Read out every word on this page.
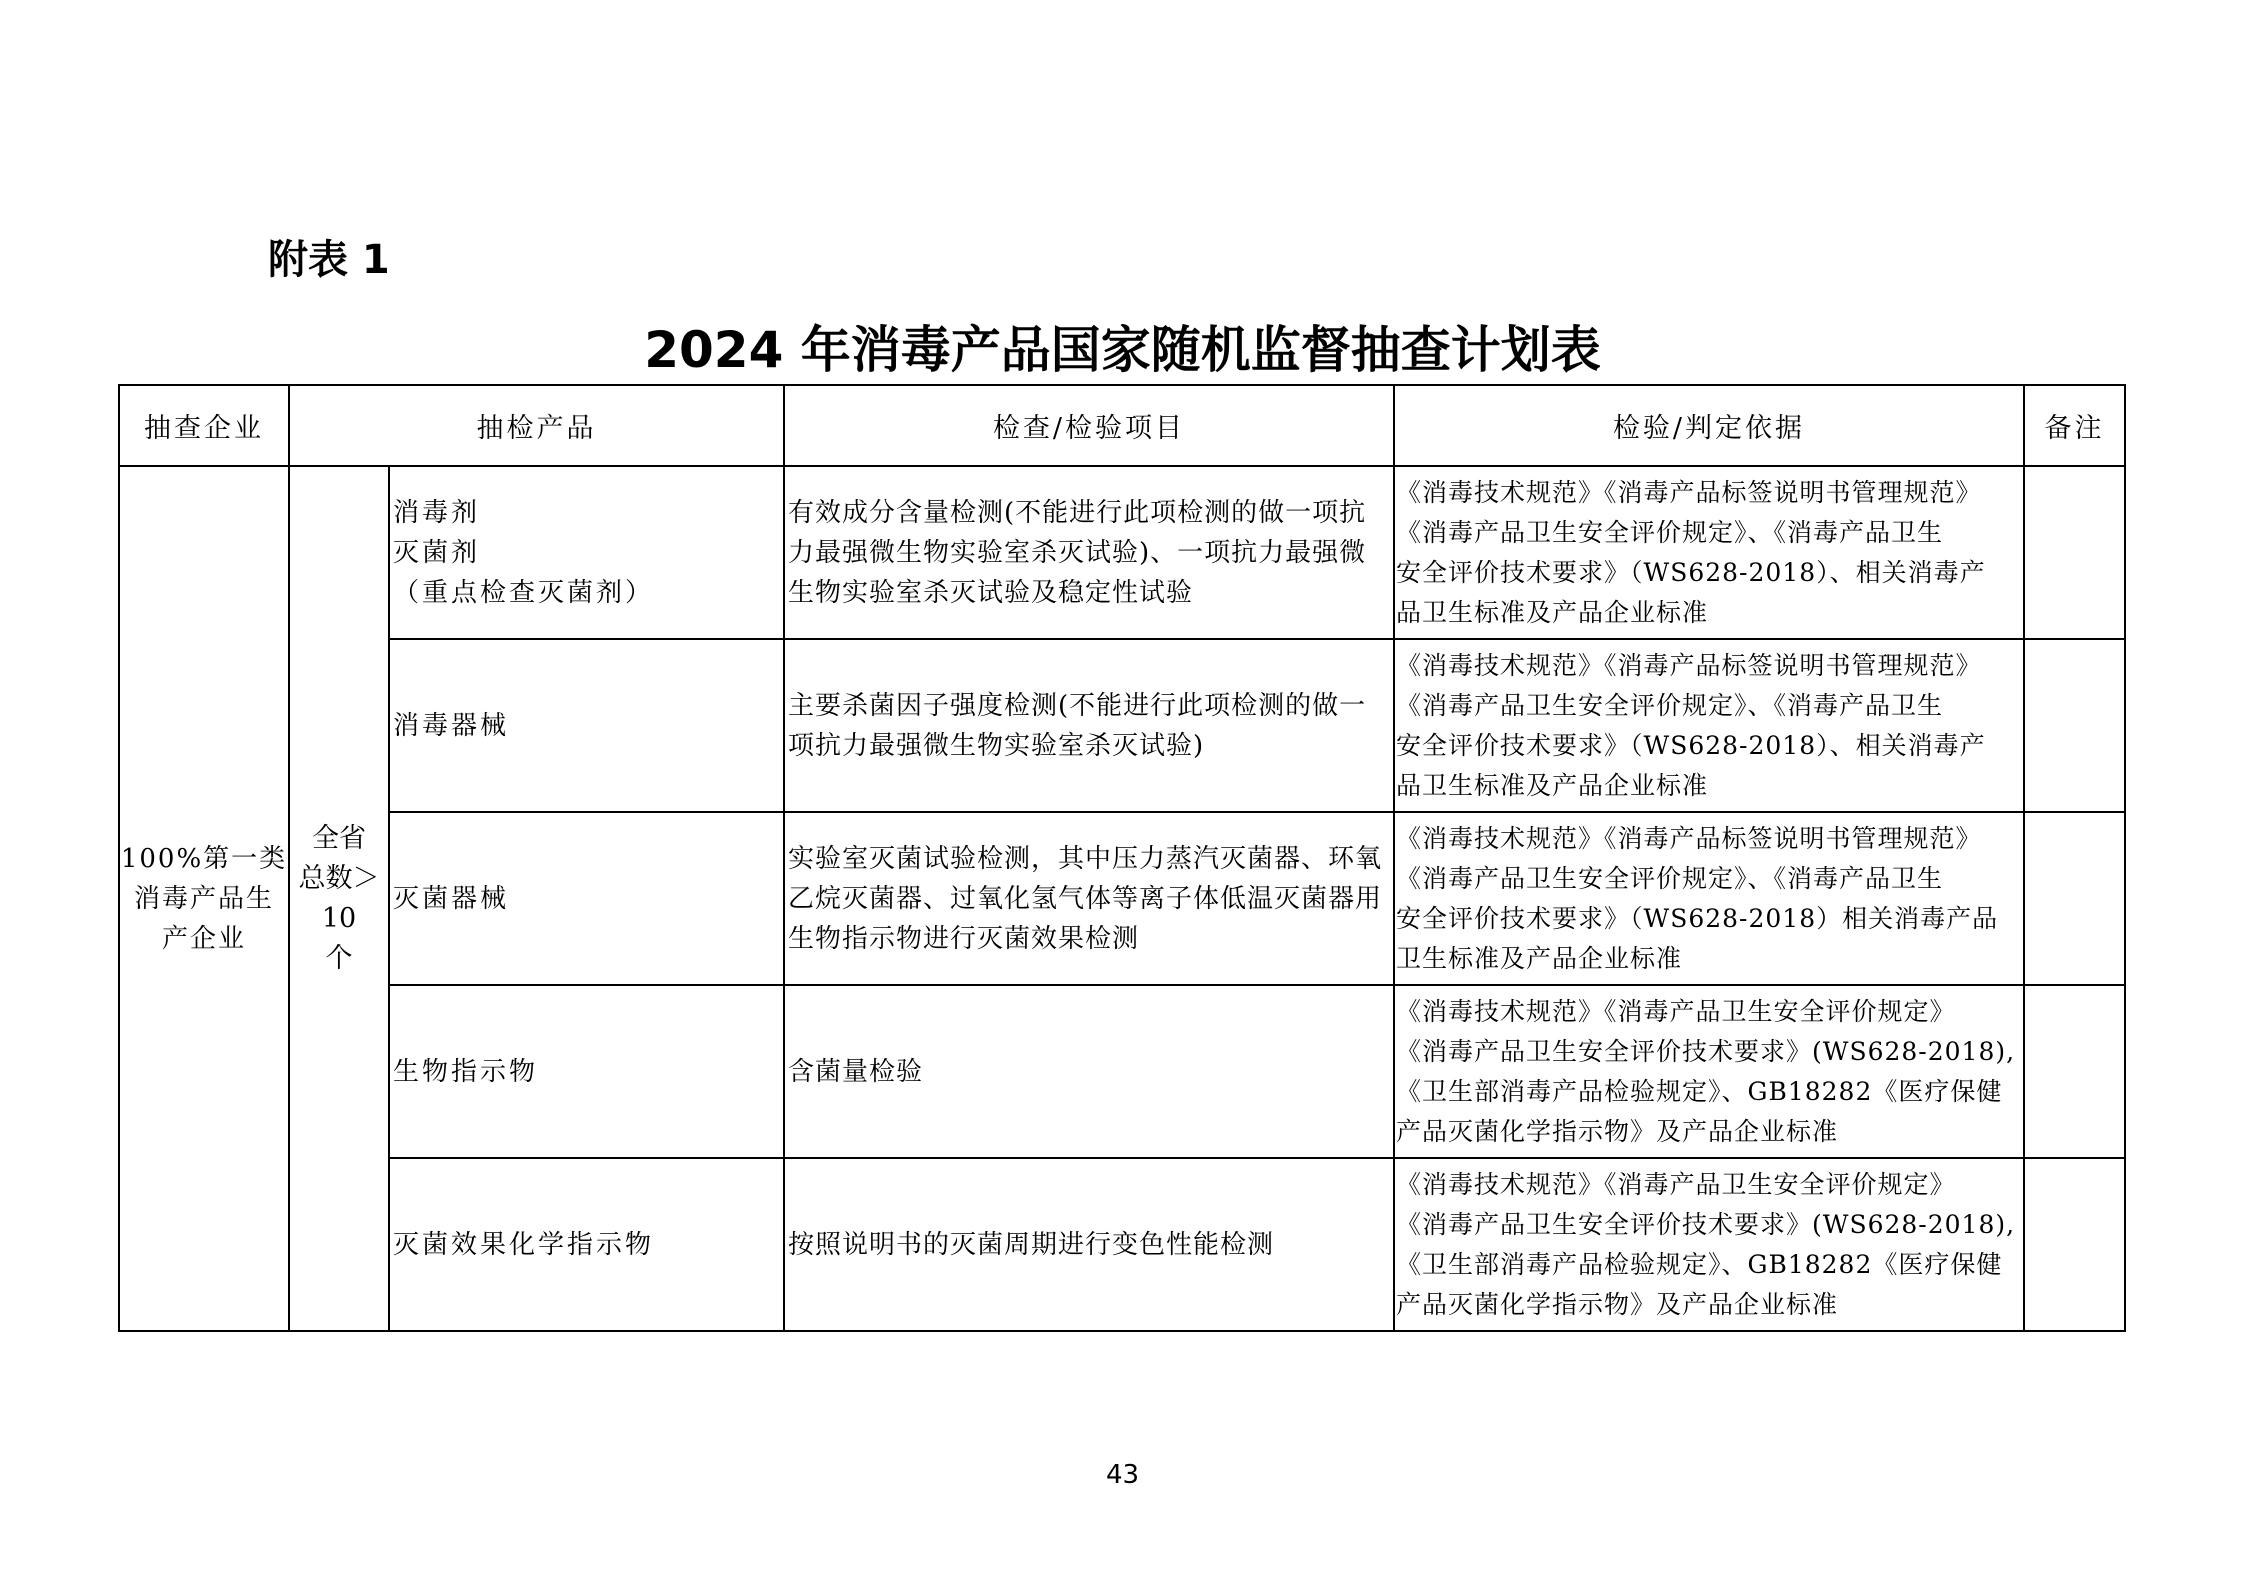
附表 1
2024 年消毒产品国家随机监督抽查计划表
抽查企业	抽检产品		检查/检验项目	检验/判定依据	备注

100%第一类
消毒产品生
产企业	全省
总数＞
10
个	消毒剂
灭菌剂
（重点检查灭菌剂）	有效成分含量检测(不能进行此项检测的做一项抗
力最强微生物实验室杀灭试验)、一项抗力最强微
生物实验室杀灭试验及稳定性试验	《消毒技术规范》《消毒产品标签说明书管理规范》
《消毒产品卫生安全评价规定》、《消毒产品卫生
安全评价技术要求》（WS628-2018）、相关消毒产
品卫生标准及产品企业标准	

		消毒器械	主要杀菌因子强度检测(不能进行此项检测的做一
项抗力最强微生物实验室杀灭试验)	《消毒技术规范》《消毒产品标签说明书管理规范》
《消毒产品卫生安全评价规定》、《消毒产品卫生
安全评价技术要求》（WS628-2018）、相关消毒产
品卫生标准及产品企业标准	

		灭菌器械	实验室灭菌试验检测，其中压力蒸汽灭菌器、环氧
乙烷灭菌器、过氧化氢气体等离子体低温灭菌器用
生物指示物进行灭菌效果检测	《消毒技术规范》《消毒产品标签说明书管理规范》
《消毒产品卫生安全评价规定》、《消毒产品卫生
安全评价技术要求》（WS628-2018）相关消毒产品
卫生标准及产品企业标准	

		生物指示物	含菌量检验	《消毒技术规范》《消毒产品卫生安全评价规定》
《消毒产品卫生安全评价技术要求》(WS628-2018),
《卫生部消毒产品检验规定》、GB18282《医疗保健
产品灭菌化学指示物》及产品企业标准	

		灭菌效果化学指示物	按照说明书的灭菌周期进行变色性能检测	《消毒技术规范》《消毒产品卫生安全评价规定》
《消毒产品卫生安全评价技术要求》(WS628-2018),
《卫生部消毒产品检验规定》、GB18282《医疗保健
产品灭菌化学指示物》及产品企业标准	

43
